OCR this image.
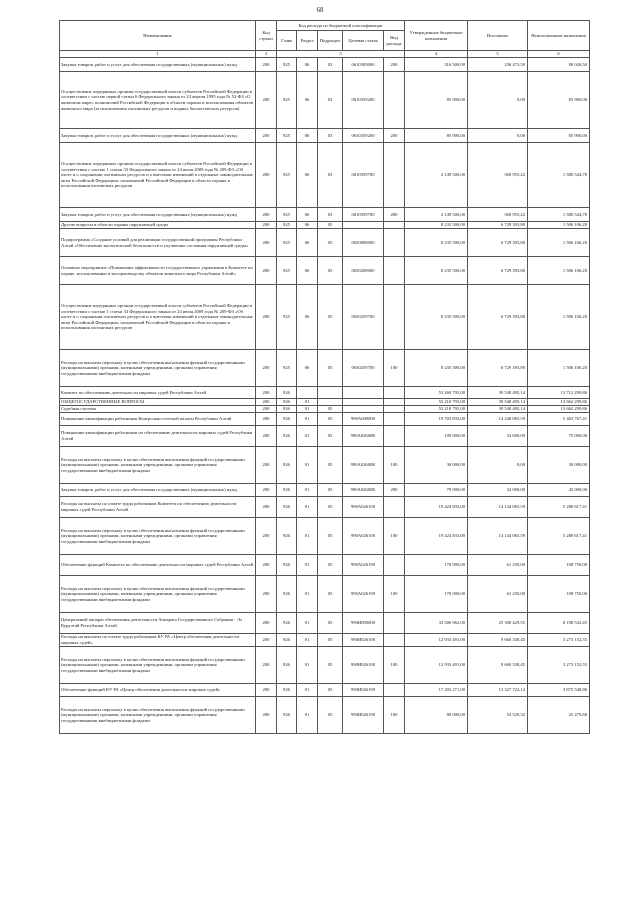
68
Наименование	Код строки	Код расхода по бюджетной классификации					Утвержденные бюджетные назначения	Исполнено	Неисполненные назначения
		Глава	Раздел	Подраздел	Целевая статья	Вид расхода			
1	2	3					4	5	6
Закупка товаров, работ и услуг для обеспечения государственных (муниципальных) нужд	200	925	06	03	0610303000	200	316 500,00	236 473,50	80 026,50
Осуществление переданных органам государственной власти субъектов Российской Федерации в соответствии с частью первой статьи 6 Федерального закона от 24 апреля 1995 года № 52-ФЗ «О животном мире» полномочий Российской Федерации в области охраны и использования объектов животного мира (за исключением охотничьих ресурсов и водных биологических ресурсов)	200	925	06	03	0610359200		85 900,00	0,00	85 900,00
Закупка товаров, работ и услуг для обеспечения государственных (муниципальных) нужд	200	925	06	03	0610359200	200	85 900,00	0,00	85 900,00
Осуществление переданных органам государственной власти субъектов Российской Федерации в соответствии с частью 1 статьи 33 Федерального закона от 24 июля 2009 года № 209-ФЗ «Об охоте и о сохранении охотничьих ресурсов и о внесении изменений в отдельные законодательные акты Российской Федерации» полномочий Российской Федерации в области охраны и использования охотничьих ресурсов	200	925	06	03	0610359700		2 149 500,00	568 955,22	1 580 544,78
Закупка товаров, работ и услуг для обеспечения государственных (муниципальных) нужд	200	925	06	03	0610359700	200	2 149 500,00	568 955,22	1 580 544,78
Другие вопросы в области охраны окружающей среды	200	925	06	05			8 235 500,00	6 729 393,80	1 506 106,20
Подпрограмма «Создание условий для реализации государственной программы Республики Алтай «Обеспечение экологической безопасности и улучшение состояния окружающей среды»	200	925	06	05	0650000000		8 235 500,00	6 729 393,80	1 506 106,20
Основное мероприятие «Повышение эффективности государственного управления в Комитете по охране, использованию и воспроизводству объектов животного мира Республики Алтай»	200	925	06	05	0650200000		8 235 500,00	6 729 393,80	1 506 106,20
Осуществление переданных органам государственной власти субъектов Российской Федерации в соответствии с частью 1 статьи 33 Федерального закона от 24 июля 2009 года № 209-ФЗ «Об охоте и о сохранении охотничьих ресурсов и о внесении изменений в отдельные законодательные акты Российской Федерации» полномочий Российской Федерации в области охраны и использования охотничьих ресурсов	200	925	06	05	0650259700		8 235 500,00	6 729 393,80	1 506 106,20
Расходы на выплаты персоналу в целях обеспечения выполнения функций государственными (муниципальными) органами, казенными учреждениями, органами управления государственными внебюджетными фондами	200	925	06	05	0650259700	100	8 235 500,00	6 729 393,80	1 506 106,20
Комитет по обеспечению деятельности мировых судей Республики Алтай	200	926					53 260 795,00	39 548 495,14	13 712 299,86
ОБЩЕГОСУДАРСТВЕННЫЕ ВОПРОСЫ	200	926	01				53 210 795,00	39 548 495,14	13 662 299,86
Судебная система	200	926	01	05			53 210 795,00	39 548 495,14	13 662 299,86
Повышение квалификации работников Контрольно-счетной палаты Республики Алтай	200	926	01	05	990А000000		19 703 833,00	14 240 065,59	5 463 767,41
Повышение квалификации работников по обеспечению деятельности мировых судей Республики Алтай	200	926	01	05	990А02600К		109 000,00	34 000,00	75 000,00
Расходы на выплаты персоналу в целях обеспечения выполнения функций государственными (муниципальными) органами, казенными учреждениями, органами управления государственными внебюджетными фондами	200	926	01	05	990А02600К	100	30 000,00	0,00	30 000,00
Закупка товаров, работ и услуг для обеспечения государственных (муниципальных) нужд	200	926	01	05	990А02600К	200	79 000,00	34 000,00	45 000,00
Расходы на выплаты по оплате труда работников Комитета по обеспечению деятельности мировых судей Республики Алтай	200	926	01	05	990А026100		19 424 833,00	14 144 065,59	5 280 617,41
Расходы на выплаты персоналу в целях обеспечения выполнения функций государственными (муниципальными) органами, казенными учреждениями, органами управления государственными внебюджетными фондами	200	926	01	05	990А026100	100	19 424 833,00	14 144 065,59	5 280 617,41
Обеспечение функций Комитета по обеспечению деятельности мировых судей Республики Алтай	200	926	01	05	990А026190		170 000,00	61 250,00	108 750,00
Расходы на выплаты персоналу в целях обеспечения выполнения функций государственными (муниципальными) органами, казенными учреждениями, органами управления государственными внебюджетными фондами	200	926	01	05	990А026190	100	170 000,00	61 250,00	108 750,00
Центральный аппарат обеспечения деятельности Аппарата Государственного Собрания - Эл Курултай Республики Алтай	200	926	01	05	990И000000		33 506 962,00	25 308 429,55	8 198 532,45
Расходы на выплаты по оплате труда работников КУ РА «Центр обеспечения деятельности мировых судей»	200	926	01	05	990И026100		12 933 491,00	9 660 338,45	3 273 152,55
Расходы на выплаты персоналу в целях обеспечения выполнения функций государственными (муниципальными) органами, казенными учреждениями, органами управления государственными внебюджетными фондами	200	926	01	05	990И026100	100	12 933 491,00	9 660 338,45	3 273 152,55
Обеспечение функций КУ РА «Центр обеспечения деятельности мировых судей»	200	926	01	05	990И026190		17 203 271,00	13 327 722,14	3 875 548,86
Расходы на выплаты персоналу в целях обеспечения выполнения функций государственными (муниципальными) органами, казенными учреждениями, органами управления государственными внебюджетными фондами	200	926	01	05	990И026190	100	80 000,00	54 520,32	25 479,68
